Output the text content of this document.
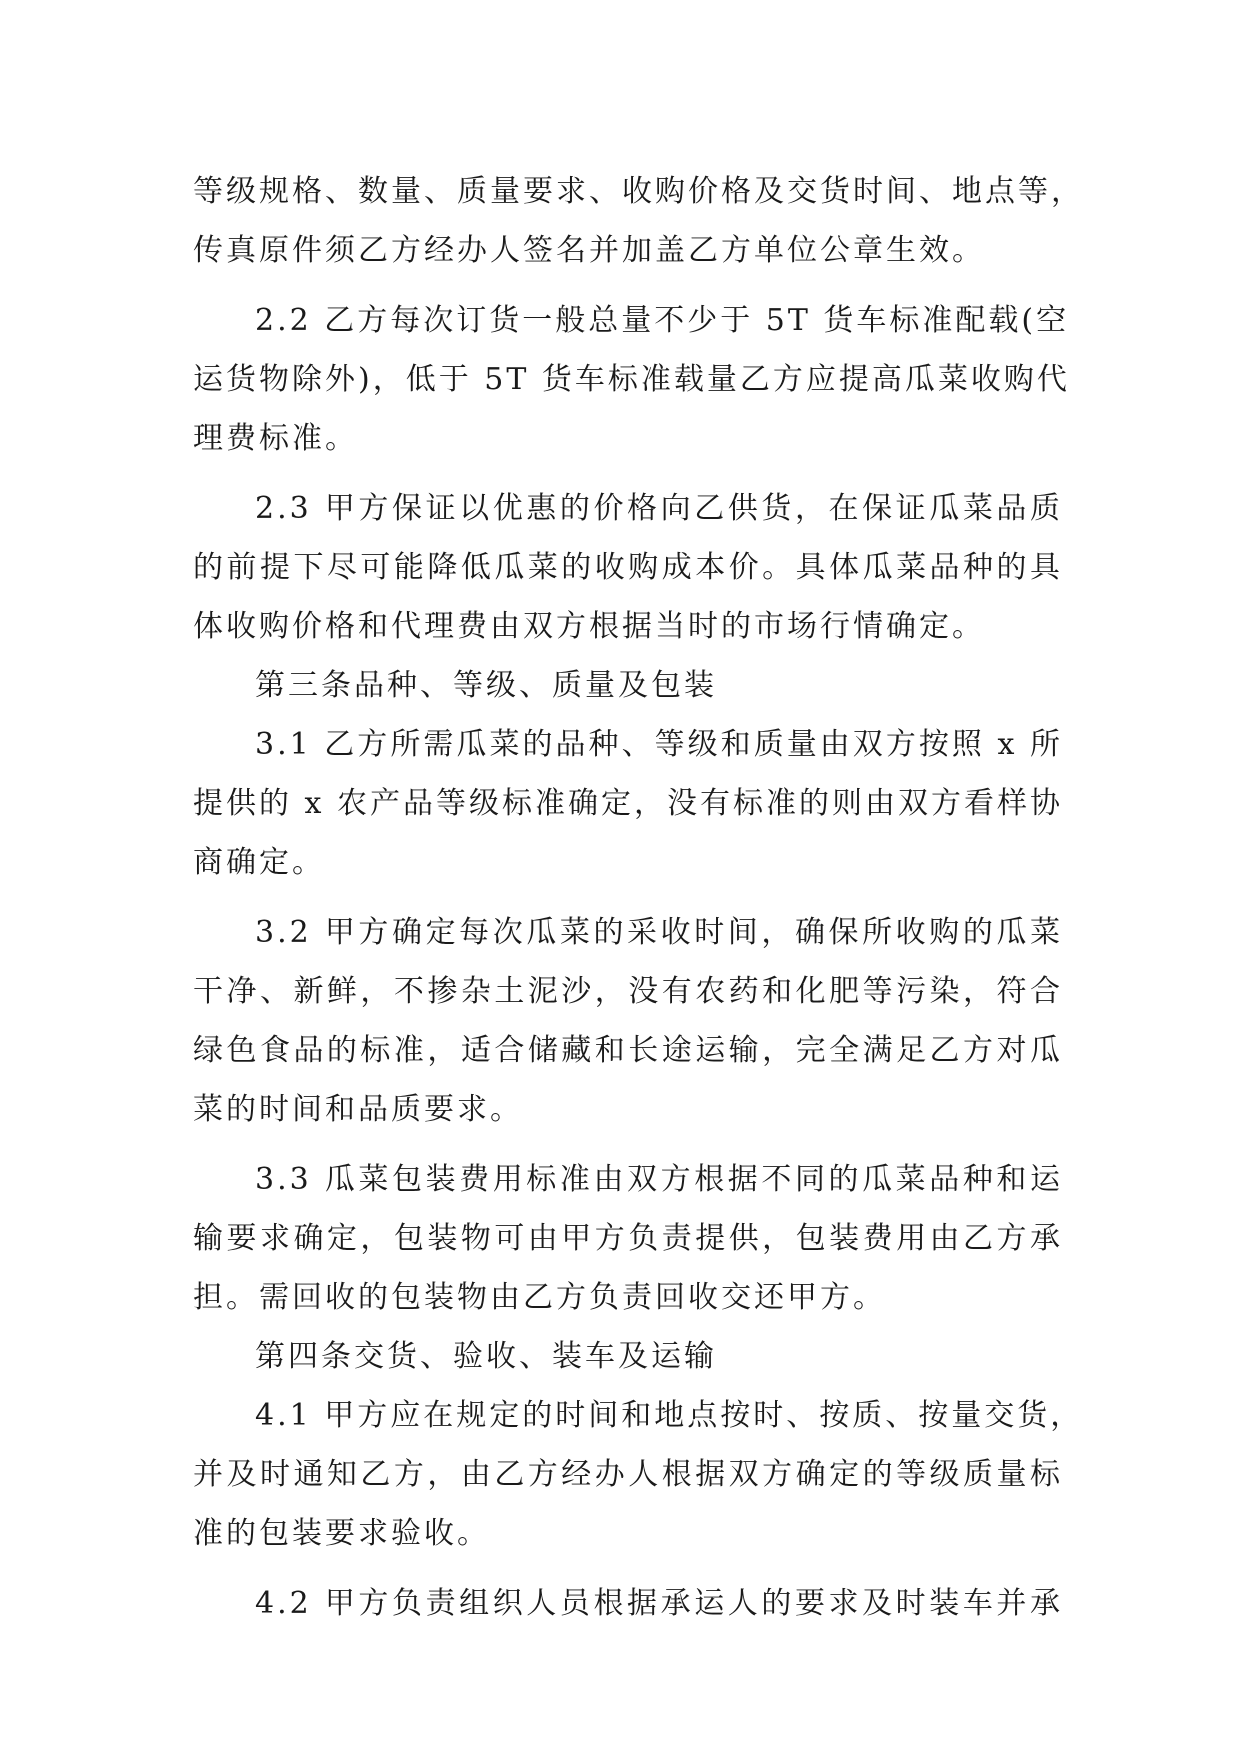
等级规格、数量、质量要求、收购价格及交货时间、地点等，
传真原件须乙方经办人签名并加盖乙方单位公章生效。
2.2 乙方每次订货一般总量不少于 5T 货车标准配载(空
运货物除外)，低于 5T 货车标准载量乙方应提高瓜菜收购代
理费标准。
2.3 甲方保证以优惠的价格向乙供货，在保证瓜菜品质
的前提下尽可能降低瓜菜的收购成本价。具体瓜菜品种的具
体收购价格和代理费由双方根据当时的市场行情确定。
第三条品种、等级、质量及包装
3.1 乙方所需瓜菜的品种、等级和质量由双方按照 x 所
提供的 x 农产品等级标准确定，没有标准的则由双方看样协
商确定。
3.2 甲方确定每次瓜菜的采收时间，确保所收购的瓜菜
干净、新鲜，不掺杂土泥沙，没有农药和化肥等污染，符合
绿色食品的标准，适合储藏和长途运输，完全满足乙方对瓜
菜的时间和品质要求。
3.3 瓜菜包装费用标准由双方根据不同的瓜菜品种和运
输要求确定，包装物可由甲方负责提供，包装费用由乙方承
担。需回收的包装物由乙方负责回收交还甲方。
第四条交货、验收、装车及运输
4.1 甲方应在规定的时间和地点按时、按质、按量交货，
并及时通知乙方，由乙方经办人根据双方确定的等级质量标
准的包装要求验收。
4.2 甲方负责组织人员根据承运人的要求及时装车并承
